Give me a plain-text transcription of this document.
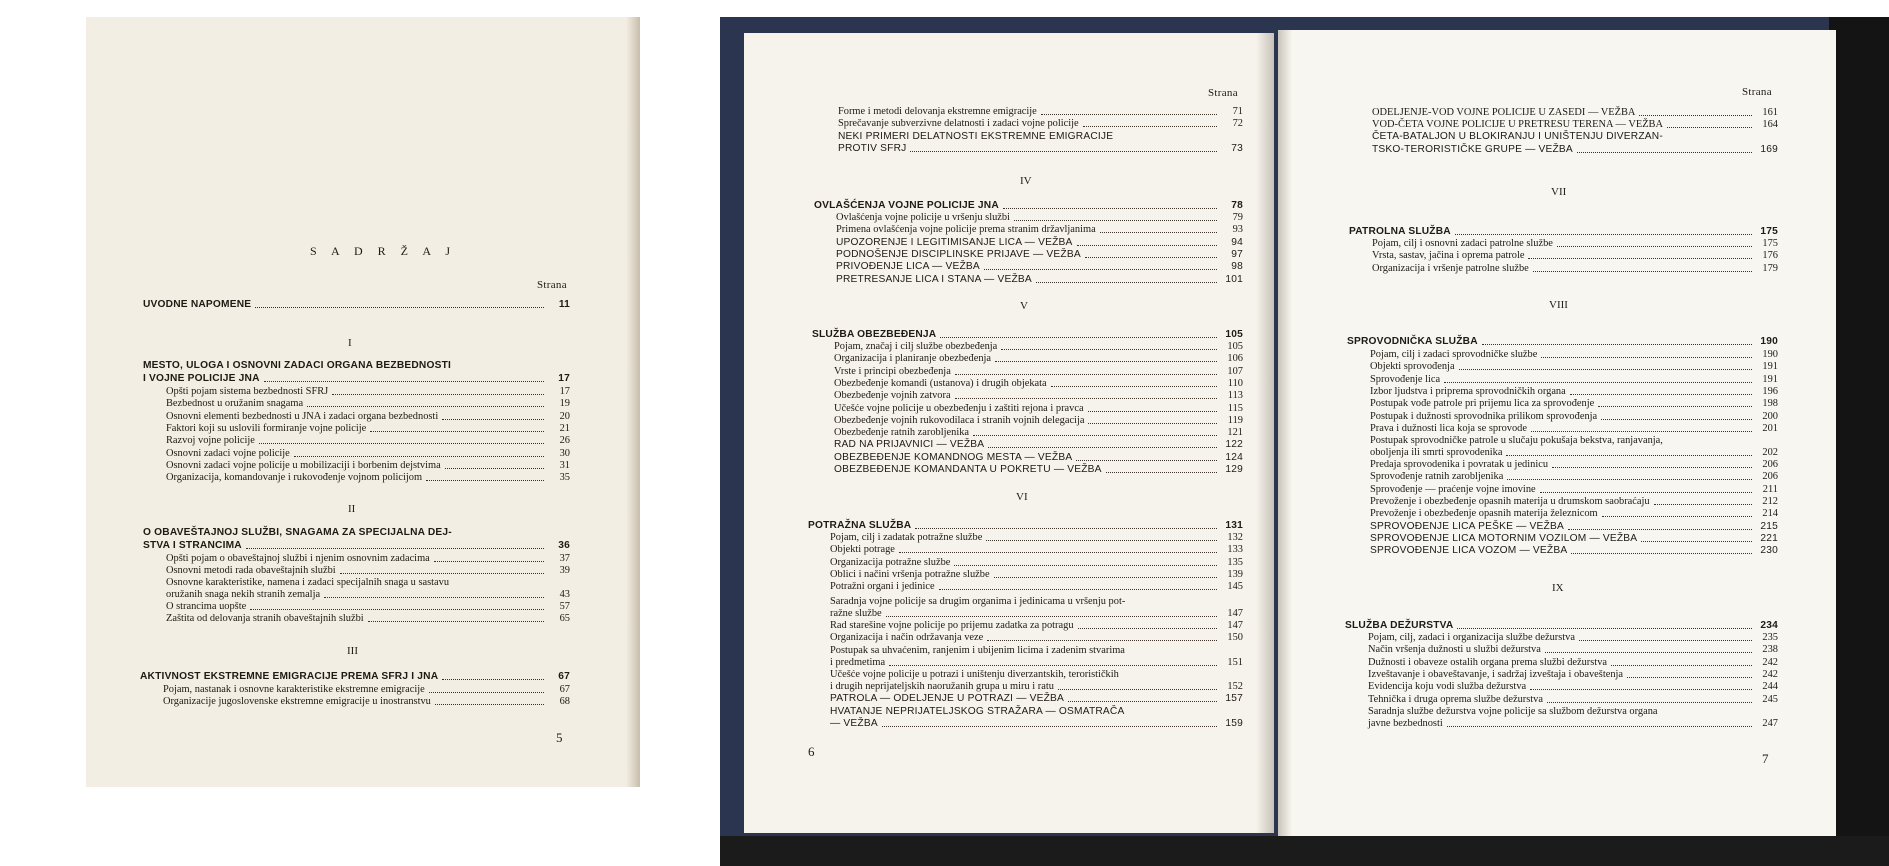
S A D R Ž A J
Strana
UVODNE NAPOMENE	11
I
MESTO, ULOGA I OSNOVNI ZADACI ORGANA BEZBEDNOSTI
I VOJNE POLICIJE JNA	17
Opšti pojam sistema bezbednosti SFRJ	17
Bezbednost u oružanim snagama	19
Osnovni elementi bezbednosti u JNA i zadaci organa bezbednosti	20
Faktori koji su uslovili formiranje vojne policije	21
Razvoj vojne policije	26
Osnovni zadaci vojne policije	30
Osnovni zadaci vojne policije u mobilizaciji i borbenim dejstvima	31
Organizacija, komandovanje i rukovođenje vojnom policijom	35
II
O OBAVEŠTAJNOJ SLUŽBI, SNAGAMA ZA SPECIJALNA DEJ-
STVA I STRANCIMA	36
Opšti pojam o obaveštajnoj službi i njenim osnovnim zadacima	37
Osnovni metodi rada obaveštajnih službi	39
Osnovne karakteristike, namena i zadaci specijalnih snaga u sastavu
oružanih snaga nekih stranih zemalja	43
O strancima uopšte	57
Zaštita od delovanja stranih obaveštajnih službi	65
III
AKTIVNOST EKSTREMNE EMIGRACIJE PREMA SFRJ I JNA	67
Pojam, nastanak i osnovne karakteristike ekstremne emigracije	67
Organizacije jugoslovenske ekstremne emigracije u inostranstvu	68
5
Strana
Forme i metodi delovanja ekstremne emigracije	71
Sprečavanje subverzivne delatnosti i zadaci vojne policije	72
NEKI PRIMERI DELATNOSTI EKSTREMNE EMIGRACIJE
PROTIV SFRJ	73
IV
OVLAŠĆENJA VOJNE POLICIJE JNA	78
Ovlašćenja vojne policije u vršenju službi	79
Primena ovlašćenja vojne policije prema stranim državljanima	93
UPOZORENJE I LEGITIMISANJE LICA — VEŽBA	94
PODNOŠENJE DISCIPLINSKE PRIJAVE — VEŽBA	97
PRIVOĐENJE LICA — VEŽBA	98
PRETRESANJE LICA I STANA — VEŽBA	101
V
SLUŽBA OBEZBEĐENJA	105
Pojam, značaj i cilj službe obezbeđenja	105
Organizacija i planiranje obezbeđenja	106
Vrste i principi obezbeđenja	107
Obezbeđenje komandi (ustanova) i drugih objekata	110
Obezbeđenje vojnih zatvora	113
Učešće vojne policije u obezbeđenju i zaštiti rejona i pravca	115
Obezbeđenje vojnih rukovodilaca i stranih vojnih delegacija	119
Obezbeđenje ratnih zarobljenika	121
RAD NA PRIJAVNICI — VEŽBA	122
OBEZBEĐENJE KOMANDNOG MESTA — VEŽBA	124
OBEZBEĐENJE KOMANDANTA U POKRETU — VEŽBA	129
VI
POTRAŽNA SLUŽBA	131
Pojam, cilj i zadatak potražne službe	132
Objekti potrage	133
Organizacija potražne službe	135
Oblici i načini vršenja potražne službe	139
Potražni organi i jedinice	145
Saradnja vojne policije sa drugim organima i jedinicama u vršenju pot-
ražne službe	147
Rad starešine vojne policije po prijemu zadatka za potragu	147
Organizacija i način održavanja veze	150
Postupak sa uhvaćenim, ranjenim i ubijenim licima i zadenim stvarima
i predmetima	151
Učešće vojne policije u potrazi i uništenju diverzantskih, terorističkih
i drugih neprijateljskih naoružanih grupa u miru i ratu	152
PATROLA — ODELJENJE U POTRAZI — VEŽBA	157
HVATANJE NEPRIJATELJSKOG STRAŽARA — OSMATRAČA
— VEŽBA	159
6
Strana
ODELJENJE-VOD VOJNE POLICIJE U ZASEDI — VEŽBA	161
VOD-ČETA VOJNE POLICIJE U PRETRESU TERENA — VEŽBA	164
ČETA-BATALJON U BLOKIRANJU I UNIŠTENJU DIVERZAN-
TSKO-TERORISTIČKE GRUPE — VEŽBA	169
VII
PATROLNA SLUŽBA	175
Pojam, cilj i osnovni zadaci patrolne službe	175
Vrsta, sastav, jačina i oprema patrole	176
Organizacija i vršenje patrolne službe	179
VIII
SPROVODNIČKA SLUŽBA	190
Pojam, cilj i zadaci sprovodničke službe	190
Objekti sprovođenja	191
Sprovođenje lica	191
Izbor ljudstva i priprema sprovodničkih organa	196
Postupak vođe patrole pri prijemu lica za sprovođenje	198
Postupak i dužnosti sprovodnika prilikom sprovođenja	200
Prava i dužnosti lica koja se sprovode	201
Postupak sprovodničke patrole u slučaju pokušaja bekstva, ranjavanja,
oboljenja ili smrti sprovodenika	202
Predaja sprovodenika i povratak u jedinicu	206
Sprovođenje ratnih zarobljenika	206
Sprovođenje — praćenje vojne imovine	211
Prevoženje i obezbeđenje opasnih materija u drumskom saobraćaju	212
Prevoženje i obezbeđenje opasnih materija železnicom	214
SPROVOĐENJE LICA PEŠKE — VEŽBA	215
SPROVOĐENJE LICA MOTORNIM VOZILOM — VEŽBA	221
SPROVOĐENJE LICA VOZOM — VEŽBA	230
IX
SLUŽBA DEŽURSTVA	234
Pojam, cilj, zadaci i organizacija službe dežurstva	235
Način vršenja dužnosti u službi dežurstva	238
Dužnosti i obaveze ostalih organa prema službi dežurstva	242
Izveštavanje i obaveštavanje, i sadržaj izveštaja i obaveštenja	242
Evidencija koju vodi služba dežurstva	244
Tehnička i druga oprema službe dežurstva	245
Saradnja službe dežurstva vojne policije sa službom dežurstva organa
javne bezbednosti	247
7
